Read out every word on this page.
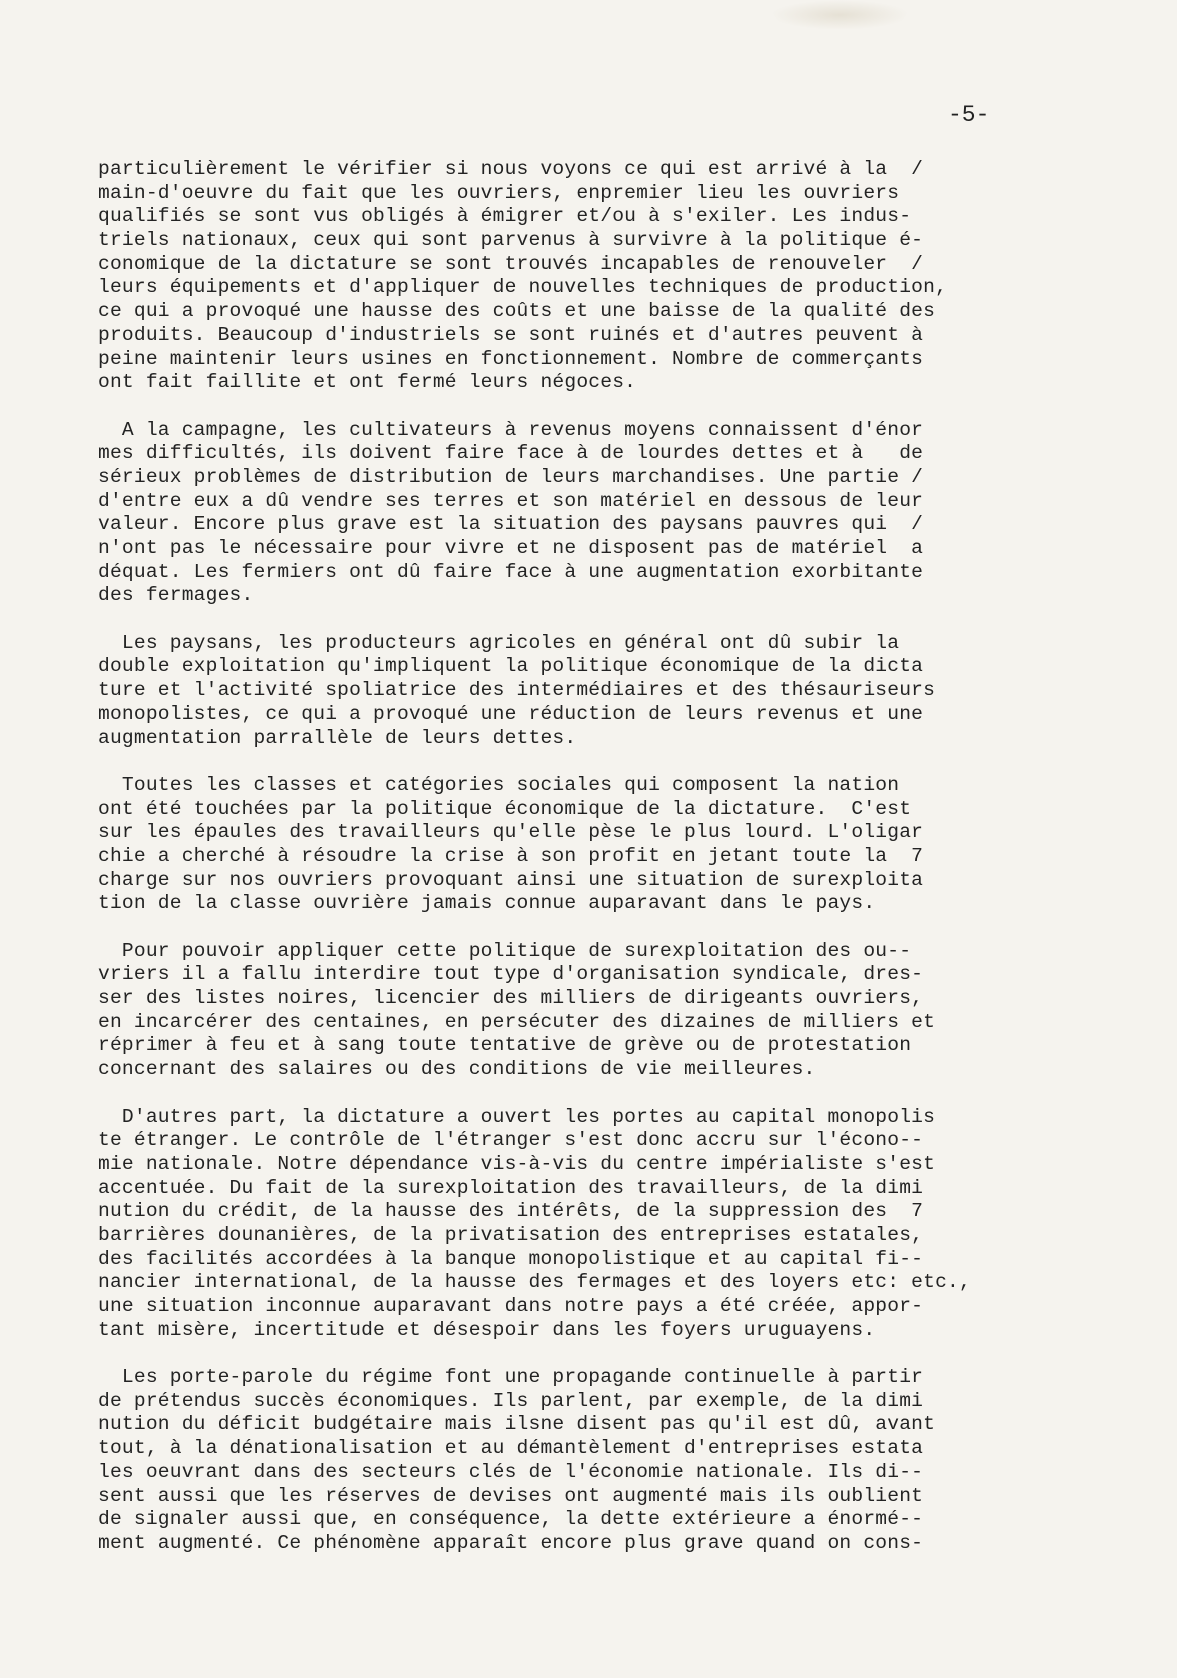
-5-

particulièrement le vérifier si nous voyons ce qui est arrivé à la  /
main-d'oeuvre du fait que les ouvriers, enpremier lieu les ouvriers
qualifiés se sont vus obligés à émigrer et/ou à s'exiler. Les indus-
triels nationaux, ceux qui sont parvenus à survivre à la politique é-
conomique de la dictature se sont trouvés incapables de renouveler  /
leurs équipements et d'appliquer de nouvelles techniques de production,
ce qui a provoqué une hausse des coûts et une baisse de la qualité des
produits. Beaucoup d'industriels se sont ruinés et d'autres peuvent à
peine maintenir leurs usines en fonctionnement. Nombre de commerçants
ont fait faillite et ont fermé leurs négoces.
A la campagne, les cultivateurs à revenus moyens connaissent d'énor
mes difficultés, ils doivent faire face à de lourdes dettes et à   de
sérieux problèmes de distribution de leurs marchandises. Une partie /
d'entre eux a dû vendre ses terres et son matériel en dessous de leur
valeur. Encore plus grave est la situation des paysans pauvres qui  /
n'ont pas le nécessaire pour vivre et ne disposent pas de matériel  a
déquat. Les fermiers ont dû faire face à une augmentation exorbitante
des fermages.
Les paysans, les producteurs agricoles en général ont dû subir la
double exploitation qu'impliquent la politique économique de la dicta
ture et l'activité spoliatrice des intermédiaires et des thésauriseurs
monopolistes, ce qui a provoqué une réduction de leurs revenus et une
augmentation parrallèle de leurs dettes.
Toutes les classes et catégories sociales qui composent la nation
ont été touchées par la politique économique de la dictature.  C'est
sur les épaules des travailleurs qu'elle pèse le plus lourd. L'oligar
chie a cherché à résoudre la crise à son profit en jetant toute la  7
charge sur nos ouvriers provoquant ainsi une situation de surexploita
tion de la classe ouvrière jamais connue auparavant dans le pays.
Pour pouvoir appliquer cette politique de surexploitation des ou--
vriers il a fallu interdire tout type d'organisation syndicale, dres-
ser des listes noires, licencier des milliers de dirigeants ouvriers,
en incarcérer des centaines, en persécuter des dizaines de milliers et
réprimer à feu et à sang toute tentative de grève ou de protestation
concernant des salaires ou des conditions de vie meilleures.
D'autres part, la dictature a ouvert les portes au capital monopolis
te étranger. Le contrôle de l'étranger s'est donc accru sur l'écono--
mie nationale. Notre dépendance vis-à-vis du centre impérialiste s'est
accentuée. Du fait de la surexploitation des travailleurs, de la dimi
nution du crédit, de la hausse des intérêts, de la suppression des  7
barrières dounanières, de la privatisation des entreprises estatales,
des facilités accordées à la banque monopolistique et au capital fi--
nancier international, de la hausse des fermages et des loyers etc: etc.,
une situation inconnue auparavant dans notre pays a été créée, appor-
tant misère, incertitude et désespoir dans les foyers uruguayens.
Les porte-parole du régime font une propagande continuelle à partir
de prétendus succès économiques. Ils parlent, par exemple, de la dimi
nution du déficit budgétaire mais ilsne disent pas qu'il est dû, avant
tout, à la dénationalisation et au démantèlement d'entreprises estata
les oeuvrant dans des secteurs clés de l'économie nationale. Ils di--
sent aussi que les réserves de devises ont augmenté mais ils oublient
de signaler aussi que, en conséquence, la dette extérieure a énormé--
ment augmenté. Ce phénomène apparaît encore plus grave quand on cons-
